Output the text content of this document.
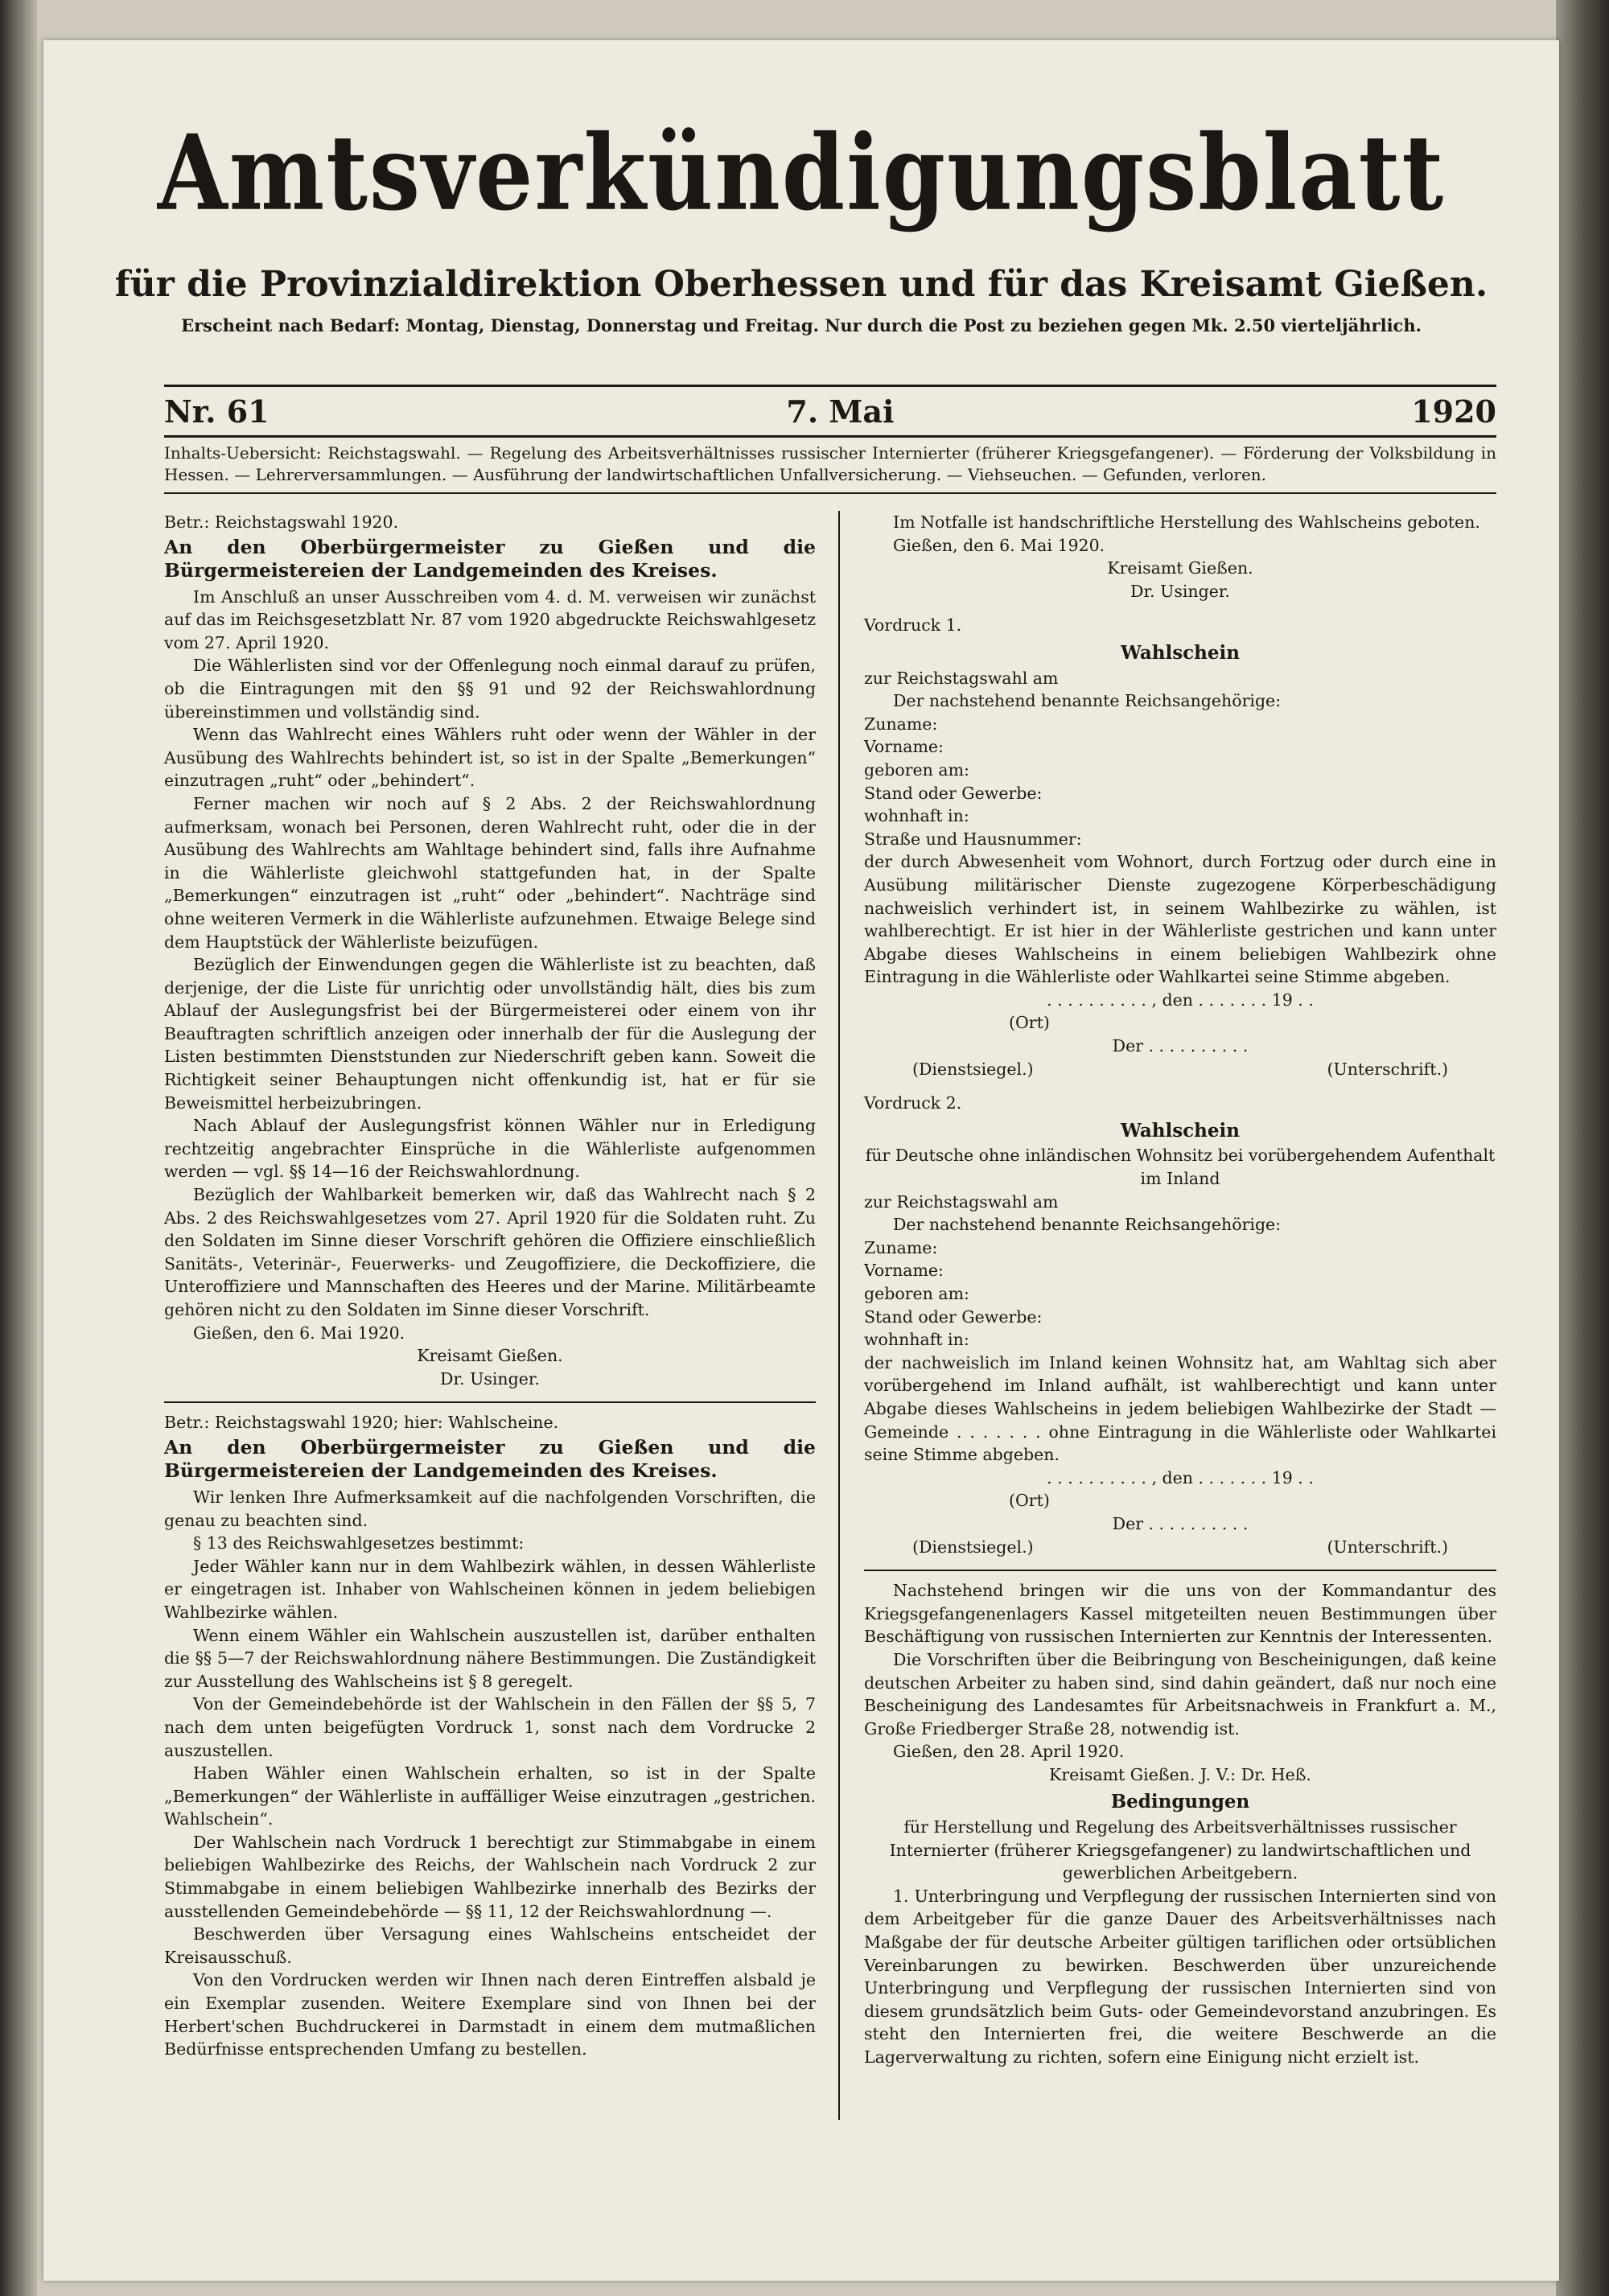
Amtsverkündigungsblatt
für die Provinzialdirektion Oberhessen und für das Kreisamt Gießen.
Erscheint nach Bedarf: Montag, Dienstag, Donnerstag und Freitag. Nur durch die Post zu beziehen gegen Mk. 2.50 vierteljährlich.
Nr. 61	7. Mai	1920
Inhalts-Uebersicht: Reichstagswahl. — Regelung des Arbeitsverhältnisses russischer Internierter (früherer Kriegsgefangener). — Förderung der Volksbildung in Hessen. — Lehrerversammlungen. — Ausführung der landwirtschaftlichen Unfallversicherung. — Viehseuchen. — Gefunden, verloren.

Betr.: Reichstagswahl 1920.

An den Oberbürgermeister zu Gießen und die Bürgermeistereien der Landgemeinden des Kreises.

Im Anschluß an unser Ausschreiben vom 4. d. M. verweisen wir zunächst auf das im Reichsgesetzblatt Nr. 87 vom 1920 abgedruckte Reichswahlgesetz vom 27. April 1920.

Die Wählerlisten sind vor der Offenlegung noch einmal darauf zu prüfen, ob die Eintragungen mit den §§ 91 und 92 der Reichswahlordnung übereinstimmen und vollständig sind.

Wenn das Wahlrecht eines Wählers ruht oder wenn der Wähler in der Ausübung des Wahlrechts behindert ist, so ist in der Spalte „Bemerkungen“ einzutragen „ruht“ oder „behindert“.

Ferner machen wir noch auf § 2 Abs. 2 der Reichswahlordnung aufmerksam, wonach bei Personen, deren Wahlrecht ruht, oder die in der Ausübung des Wahlrechts am Wahltage behindert sind, falls ihre Aufnahme in die Wählerliste gleichwohl stattgefunden hat, in der Spalte „Bemerkungen“ einzutragen ist „ruht“ oder „behindert“. Nachträge sind ohne weiteren Vermerk in die Wählerliste aufzunehmen. Etwaige Belege sind dem Hauptstück der Wählerliste beizufügen.

Bezüglich der Einwendungen gegen die Wählerliste ist zu beachten, daß derjenige, der die Liste für unrichtig oder unvollständig hält, dies bis zum Ablauf der Auslegungsfrist bei der Bürgermeisterei oder einem von ihr Beauftragten schriftlich anzeigen oder innerhalb der für die Auslegung der Listen bestimmten Dienststunden zur Niederschrift geben kann. Soweit die Richtigkeit seiner Behauptungen nicht offenkundig ist, hat er für sie Beweismittel herbeizubringen.

Nach Ablauf der Auslegungsfrist können Wähler nur in Erledigung rechtzeitig angebrachter Einsprüche in die Wählerliste aufgenommen werden — vgl. §§ 14—16 der Reichswahlordnung.

Bezüglich der Wahlbarkeit bemerken wir, daß das Wahlrecht nach § 2 Abs. 2 des Reichswahlgesetzes vom 27. April 1920 für die Soldaten ruht. Zu den Soldaten im Sinne dieser Vorschrift gehören die Offiziere einschließlich Sanitäts-, Veterinär-, Feuerwerks- und Zeugoffiziere, die Deckoffiziere, die Unteroffiziere und Mannschaften des Heeres und der Marine. Militärbeamte gehören nicht zu den Soldaten im Sinne dieser Vorschrift.

Gießen, den 6. Mai 1920.

Kreisamt Gießen.

Dr. Usinger.

Betr.: Reichstagswahl 1920; hier: Wahlscheine.

An den Oberbürgermeister zu Gießen und die Bürgermeistereien der Landgemeinden des Kreises.

Wir lenken Ihre Aufmerksamkeit auf die nachfolgenden Vorschriften, die genau zu beachten sind.

§ 13 des Reichswahlgesetzes bestimmt:

Jeder Wähler kann nur in dem Wahlbezirk wählen, in dessen Wählerliste er eingetragen ist. Inhaber von Wahlscheinen können in jedem beliebigen Wahlbezirke wählen.

Wenn einem Wähler ein Wahlschein auszustellen ist, darüber enthalten die §§ 5—7 der Reichswahlordnung nähere Bestimmungen. Die Zuständigkeit zur Ausstellung des Wahlscheins ist § 8 geregelt.

Von der Gemeindebehörde ist der Wahlschein in den Fällen der §§ 5, 7 nach dem unten beigefügten Vordruck 1, sonst nach dem Vordrucke 2 auszustellen.

Haben Wähler einen Wahlschein erhalten, so ist in der Spalte „Bemerkungen“ der Wählerliste in auffälliger Weise einzutragen „gestrichen. Wahlschein“.

Der Wahlschein nach Vordruck 1 berechtigt zur Stimmabgabe in einem beliebigen Wahlbezirke des Reichs, der Wahlschein nach Vordruck 2 zur Stimmabgabe in einem beliebigen Wahlbezirke innerhalb des Bezirks der ausstellenden Gemeindebehörde — §§ 11, 12 der Reichswahlordnung —.

Beschwerden über Versagung eines Wahlscheins entscheidet der Kreisausschuß.

Von den Vordrucken werden wir Ihnen nach deren Eintreffen alsbald je ein Exemplar zusenden. Weitere Exemplare sind von Ihnen bei der Herbert'schen Buchdruckerei in Darmstadt in einem dem mutmaßlichen Bedürfnisse entsprechenden Umfang zu bestellen.

Im Notfalle ist handschriftliche Herstellung des Wahlscheins geboten.

Gießen, den 6. Mai 1920.

Kreisamt Gießen.

Dr. Usinger.

Vordruck 1.

Wahlschein

zur Reichstagswahl am

Der nachstehend benannte Reichsangehörige:

Zuname:

Vorname:

geboren am:

Stand oder Gewerbe:

wohnhaft in:

Straße und Hausnummer:

der durch Abwesenheit vom Wohnort, durch Fortzug oder durch eine in Ausübung militärischer Dienste zugezogene Körperbeschädigung nachweislich verhindert ist, in seinem Wahlbezirke zu wählen, ist wahlberechtigt. Er ist hier in der Wählerliste gestrichen und kann unter Abgabe dieses Wahlscheins in einem beliebigen Wahlbezirk ohne Eintragung in die Wählerliste oder Wahlkartei seine Stimme abgeben.

. . . . . . . . . . , den . . . . . . . 19 . .

(Ort)

Der . . . . . . . . . .

(Dienstsiegel.)	(Unterschrift.)

Vordruck 2.

Wahlschein

für Deutsche ohne inländischen Wohnsitz bei vorübergehendem Aufenthalt im Inland

zur Reichstagswahl am

Der nachstehend benannte Reichsangehörige:

Zuname:

Vorname:

geboren am:

Stand oder Gewerbe:

wohnhaft in:

der nachweislich im Inland keinen Wohnsitz hat, am Wahltag sich aber vorübergehend im Inland aufhält, ist wahlberechtigt und kann unter Abgabe dieses Wahlscheins in jedem beliebigen Wahlbezirke der Stadt — Gemeinde . . . . . . . ohne Eintragung in die Wählerliste oder Wahlkartei seine Stimme abgeben.

. . . . . . . . . . , den . . . . . . . 19 . .

(Ort)

Der . . . . . . . . . .

(Dienstsiegel.)	(Unterschrift.)

Nachstehend bringen wir die uns von der Kommandantur des Kriegsgefangenenlagers Kassel mitgeteilten neuen Bestimmungen über Beschäftigung von russischen Internierten zur Kenntnis der Interessenten.

Die Vorschriften über die Beibringung von Bescheinigungen, daß keine deutschen Arbeiter zu haben sind, sind dahin geändert, daß nur noch eine Bescheinigung des Landesamtes für Arbeitsnachweis in Frankfurt a. M., Große Friedberger Straße 28, notwendig ist.

Gießen, den 28. April 1920.

Kreisamt Gießen. J. V.: Dr. Heß.

Bedingungen

für Herstellung und Regelung des Arbeitsverhältnisses russischer Internierter (früherer Kriegsgefangener) zu landwirtschaftlichen und gewerblichen Arbeitgebern.

1. Unterbringung und Verpflegung der russischen Internierten sind von dem Arbeitgeber für die ganze Dauer des Arbeitsverhältnisses nach Maßgabe der für deutsche Arbeiter gültigen tariflichen oder ortsüblichen Vereinbarungen zu bewirken. Beschwerden über unzureichende Unterbringung und Verpflegung der russischen Internierten sind von diesem grundsätzlich beim Guts- oder Gemeindevorstand anzubringen. Es steht den Internierten frei, die weitere Beschwerde an die Lagerverwaltung zu richten, sofern eine Einigung nicht erzielt ist.
